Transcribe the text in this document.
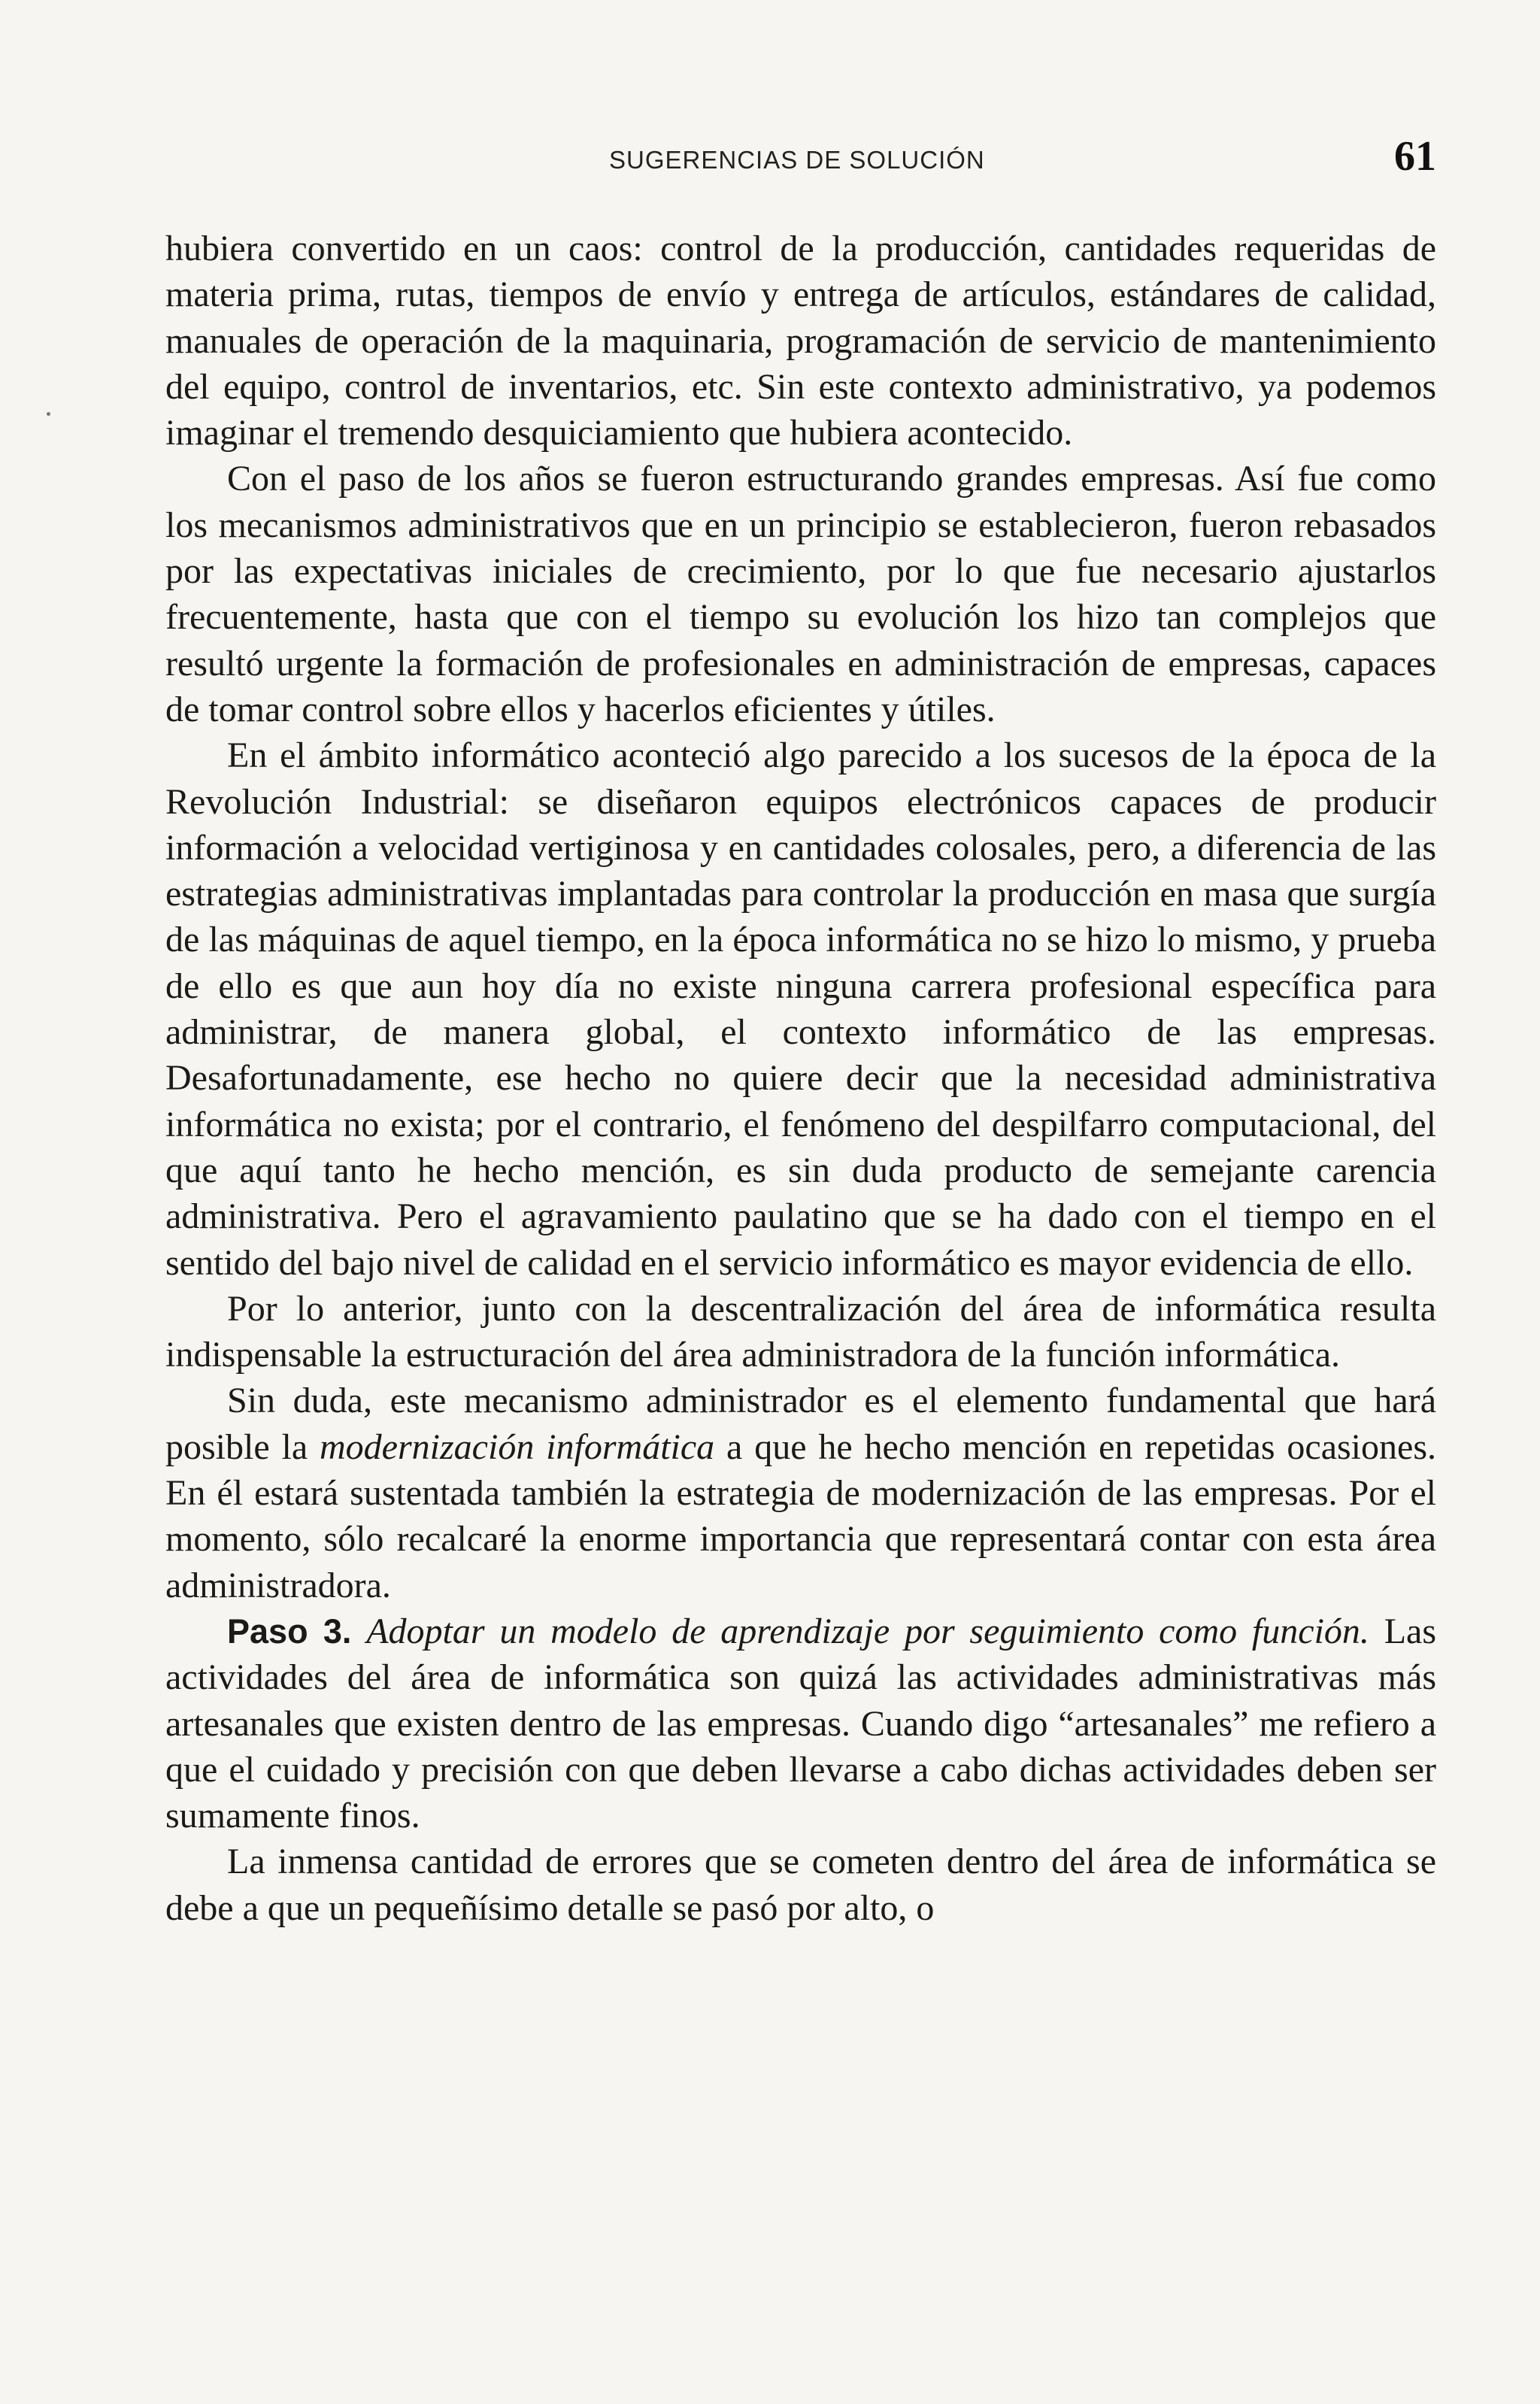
SUGERENCIAS DE SOLUCIÓN	61

hubiera convertido en un caos: control de la producción, cantidades requeridas de materia prima, rutas, tiempos de envío y entrega de artículos, estándares de calidad, manuales de operación de la maquinaria, programación de servicio de mantenimiento del equipo, control de inventarios, etc. Sin este contexto administrativo, ya podemos imaginar el tremendo desquiciamiento que hubiera acontecido.

Con el paso de los años se fueron estructurando grandes empresas. Así fue como los mecanismos administrativos que en un principio se establecieron, fueron rebasados por las expectativas iniciales de crecimiento, por lo que fue necesario ajustarlos frecuentemente, hasta que con el tiempo su evolución los hizo tan complejos que resultó urgente la formación de profesionales en administración de empresas, capaces de tomar control sobre ellos y hacerlos eficientes y útiles.

En el ámbito informático aconteció algo parecido a los sucesos de la época de la Revolución Industrial: se diseñaron equipos electrónicos capaces de producir información a velocidad vertiginosa y en cantidades colosales, pero, a diferencia de las estrategias administrativas implantadas para controlar la producción en masa que surgía de las máquinas de aquel tiempo, en la época informática no se hizo lo mismo, y prueba de ello es que aun hoy día no existe ninguna carrera profesional específica para administrar, de manera global, el contexto informático de las empresas. Desafortunadamente, ese hecho no quiere decir que la necesidad administrativa informática no exista; por el contrario, el fenómeno del despilfarro computacional, del que aquí tanto he hecho mención, es sin duda producto de semejante carencia administrativa. Pero el agravamiento paulatino que se ha dado con el tiempo en el sentido del bajo nivel de calidad en el servicio informático es mayor evidencia de ello.

Por lo anterior, junto con la descentralización del área de informática resulta indispensable la estructuración del área administradora de la función informática.

Sin duda, este mecanismo administrador es el elemento fundamental que hará posible la modernización informática a que he hecho mención en repetidas ocasiones. En él estará sustentada también la estrategia de modernización de las empresas. Por el momento, sólo recalcaré la enorme importancia que representará contar con esta área administradora.

Paso 3. Adoptar un modelo de aprendizaje por seguimiento como función. Las actividades del área de informática son quizá las actividades administrativas más artesanales que existen dentro de las empresas. Cuando digo “artesanales” me refiero a que el cuidado y precisión con que deben llevarse a cabo dichas actividades deben ser sumamente finos.

La inmensa cantidad de errores que se cometen dentro del área de informática se debe a que un pequeñísimo detalle se pasó por alto, o
